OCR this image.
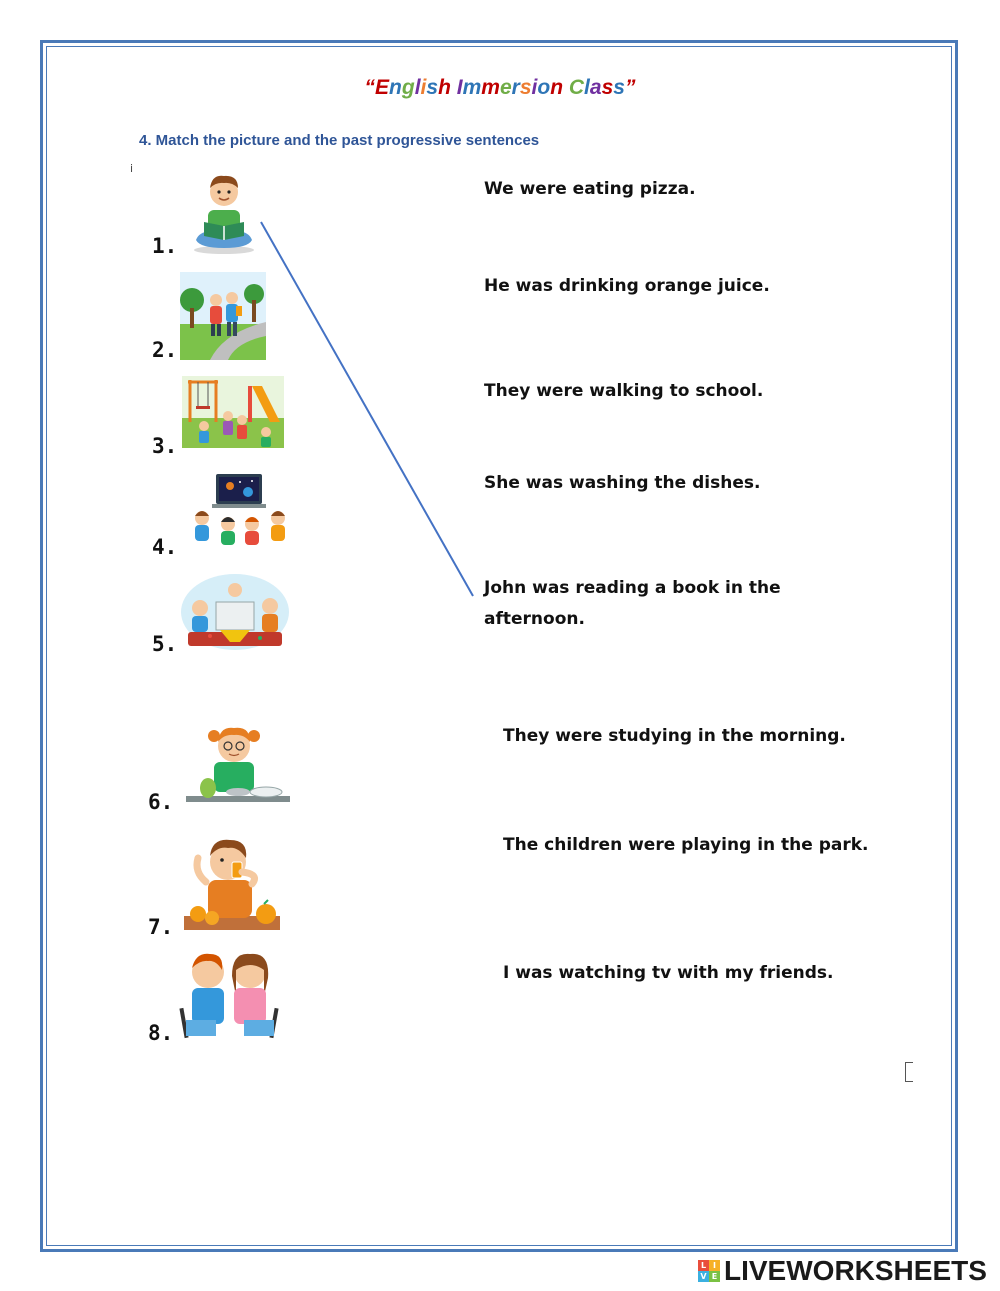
“English Immersion Class”
4. Match the picture and the past progressive sentences
ⅰ
1.
2.
3.
4.
5.
6.
7.
8.
We were eating pizza.
He was drinking orange juice.
They were walking to school.
She was washing the dishes.
John was reading a book in the afternoon.
They were studying in the morning.
The children were playing in the park.
I was watching tv with my friends.
L I
V E LIVEWORKSHEETS
